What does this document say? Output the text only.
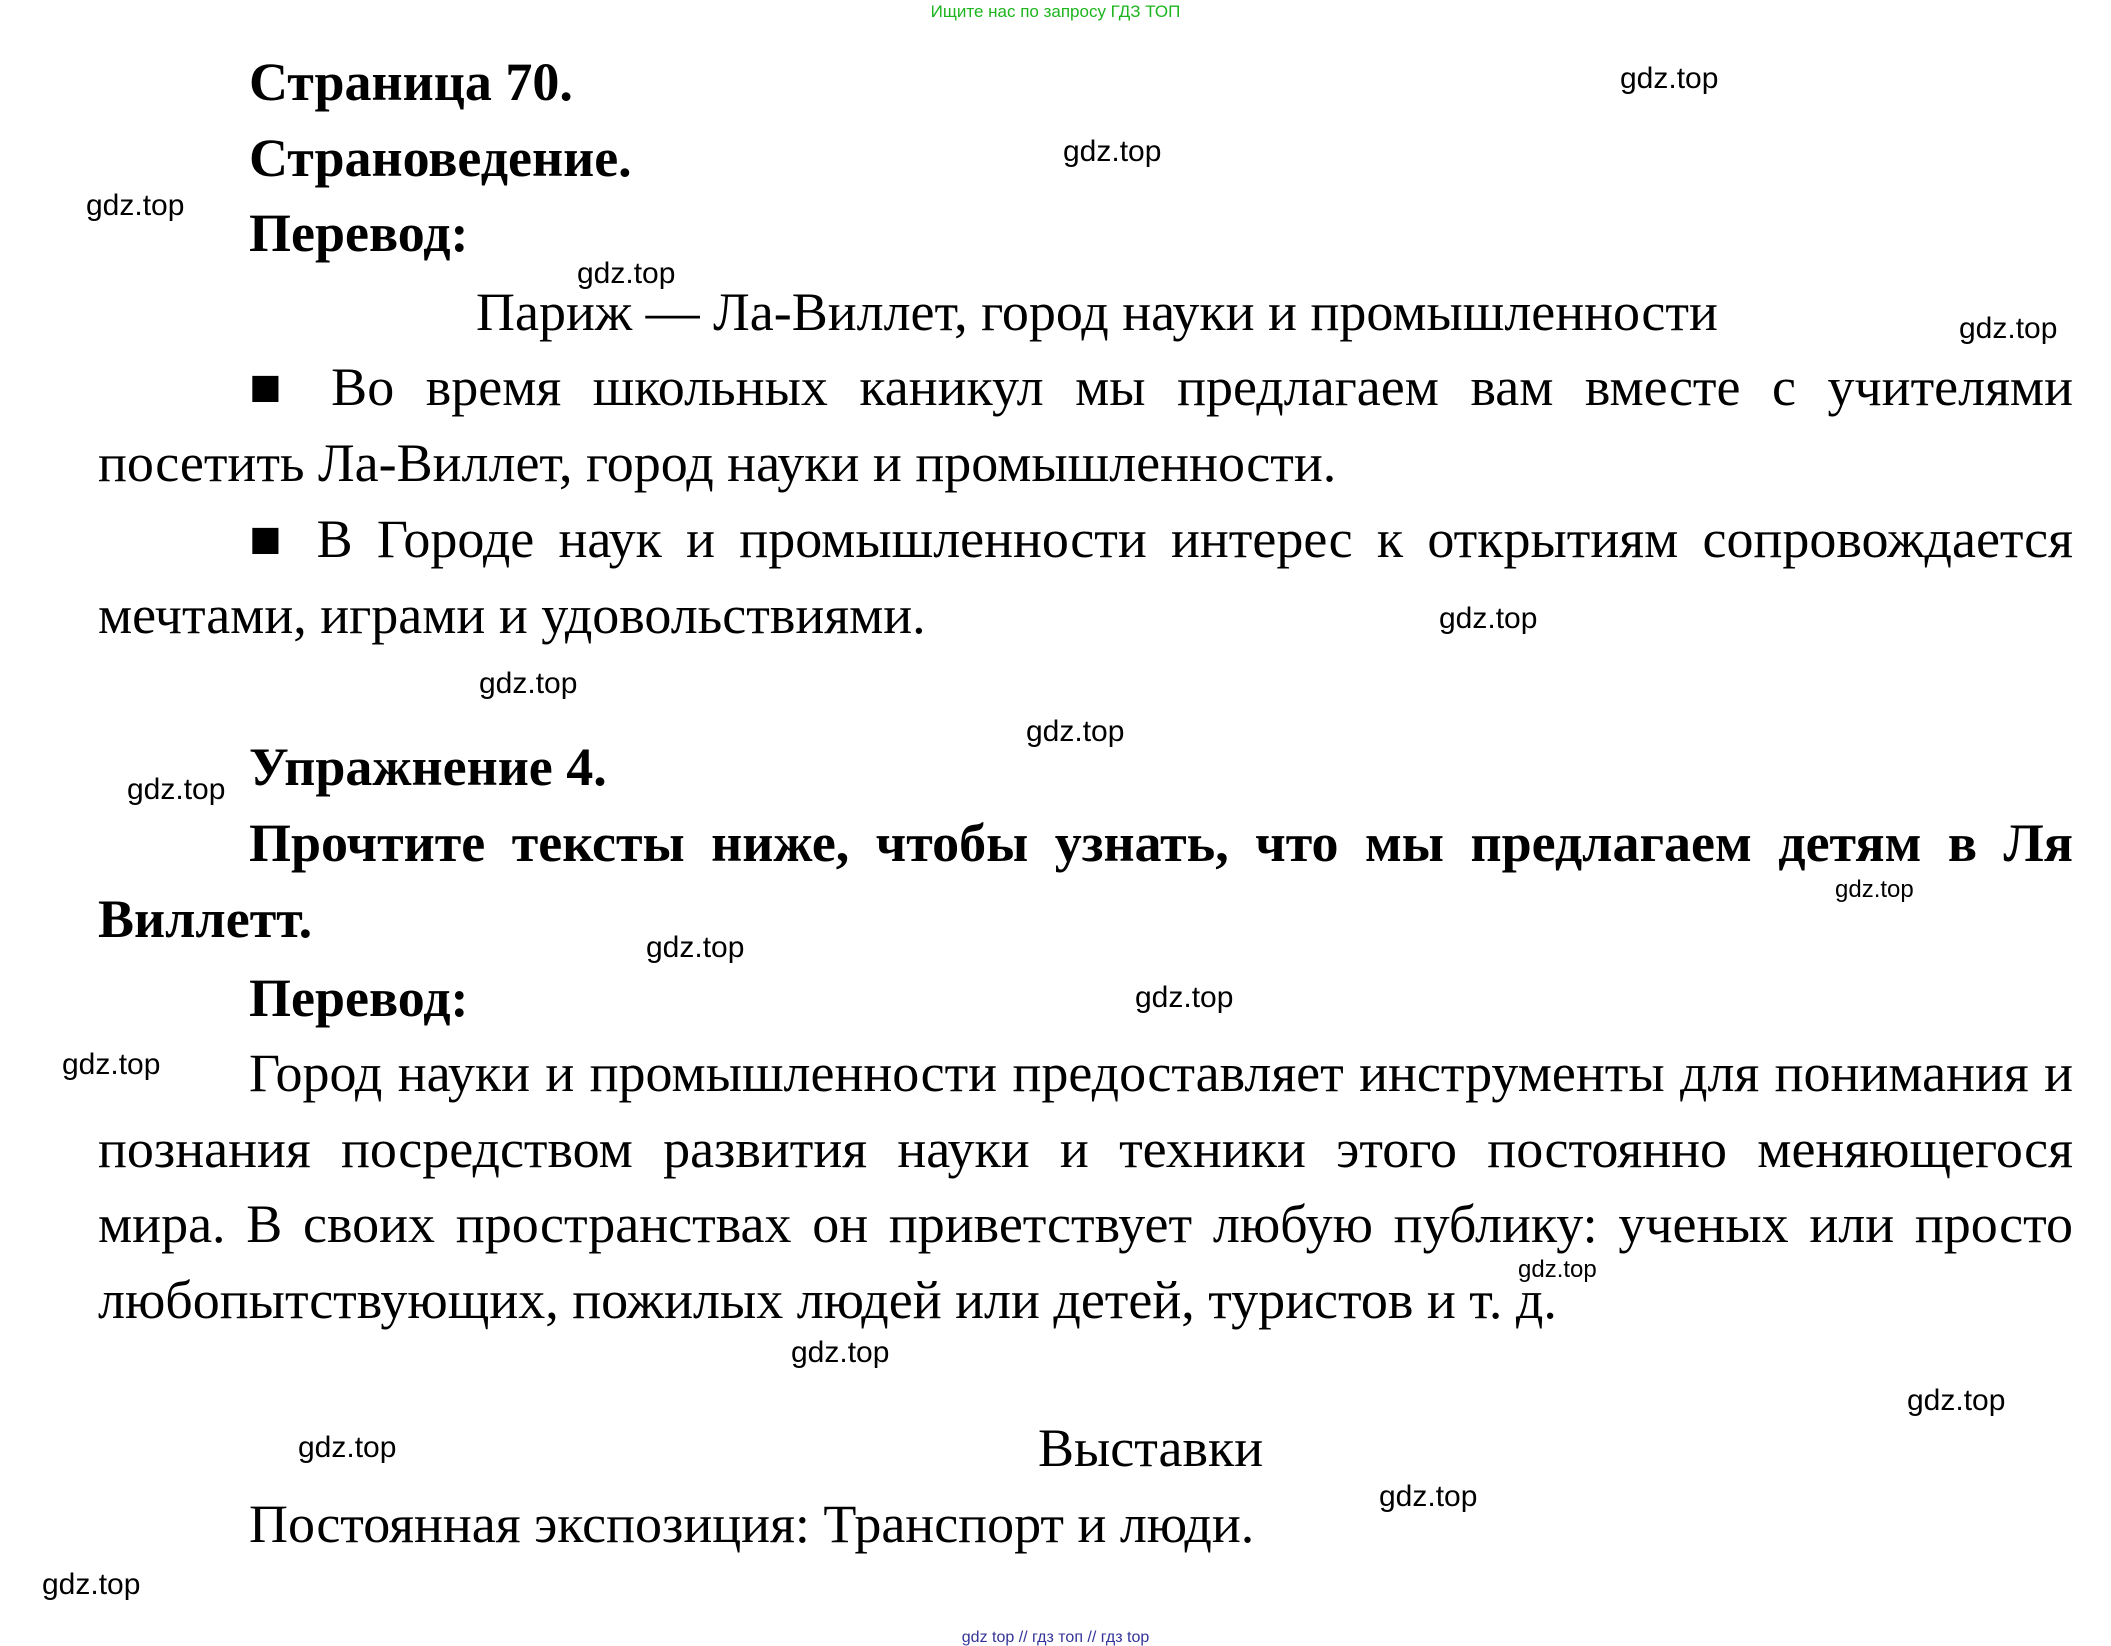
Ищите нас по запросу ГДЗ ТОП
Страница 70.
Страноведение.
Перевод:
Париж — Ла-Виллет, город науки и промышленности
■ Во время школьных каникул мы предлагаем вам вместе с учителями посетить Ла-Виллет, город науки и промышленности.
■ В Городе наук и промышленности интерес к открытиям сопровождается мечтами, играми и удовольствиями.
Упражнение 4.
Прочтите тексты ниже, чтобы узнать, что мы предлагаем детям в Ля Виллетт.
Перевод:
Город науки и промышленности предоставляет инструменты для понимания и познания посредством развития науки и техники этого постоянно меняющегося мира. В своих пространствах он приветствует любую публику: ученых или просто любопытствующих, пожилых людей или детей, туристов и т. д.
Выставки
Постоянная экспозиция: Транспорт и люди.
gdz.top
gdz.top
gdz.top
gdz.top
gdz.top
gdz.top
gdz.top
gdz.top
gdz.top
gdz.top
gdz.top
gdz.top
gdz.top
gdz.top
gdz.top
gdz.top
gdz.top
gdz.top
gdz.top
gdz top // гдз топ // гдз top
